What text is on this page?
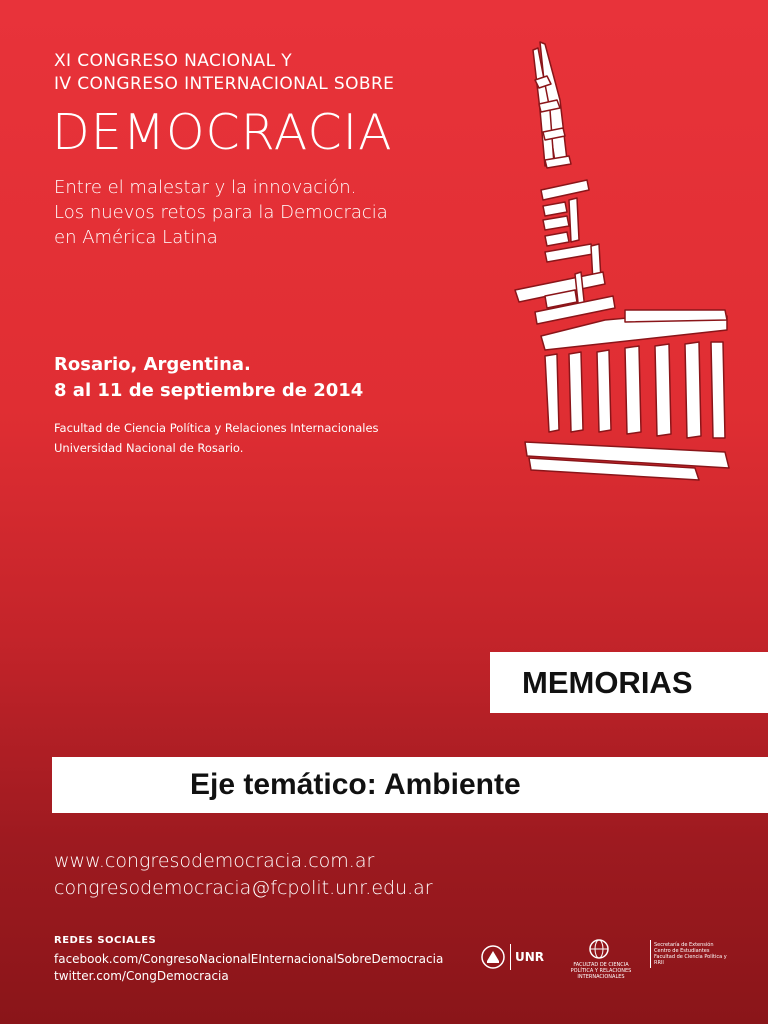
XI CONGRESO NACIONAL Y
IV CONGRESO INTERNACIONAL SOBRE
DEMOCRACIA
Entre el malestar y la innovación.
Los nuevos retos para la Democracia
en América Latina
Rosario, Argentina.
8 al 11 de septiembre de 2014
Facultad de Ciencia Política y Relaciones Internacionales
Universidad Nacional de Rosario.
MEMORIAS
Eje temático: Ambiente
www.congresodemocracia.com.ar
congresodemocracia@fcpolit.unr.edu.ar
REDES SOCIALES
facebook.com/CongresoNacionalEInternacionalSobreDemocracia
twitter.com/CongDemocracia
UNR
FACULTAD DE CIENCIA POLÍTICA Y RELACIONES INTERNACIONALES
Secretaría de Extensión
Centro de Estudiantes
Facultad de Ciencia Política y RRII
